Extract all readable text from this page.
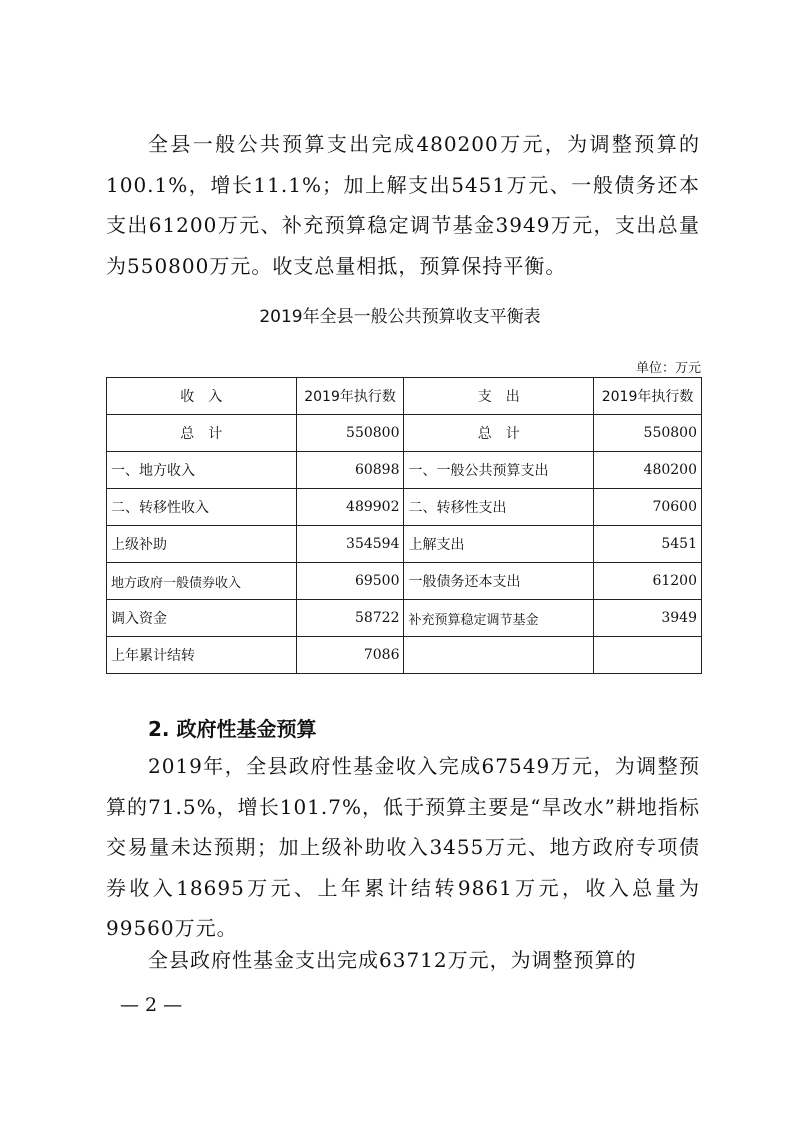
全县一般公共预算支出完成480200万元，为调整预算的100.1%，增长11.1%；加上解支出5451万元、一般债务还本支出61200万元、补充预算稳定调节基金3949万元，支出总量为550800万元。收支总量相抵，预算保持平衡。

2019年全县一般公共预算收支平衡表
单位：万元
收　入	2019年执行数	支　出	2019年执行数
总　计	550800	总　计	550800
一、地方收入	60898	一、一般公共预算支出	480200
二、转移性收入	489902	二、转移性支出	70600
上级补助	354594	上解支出	5451
地方政府一般债券收入	69500	一般债务还本支出	61200
调入资金	58722	补充预算稳定调节基金	3949
上年累计结转	7086		
2. 政府性基金预算

2019年，全县政府性基金收入完成67549万元，为调整预算的71.5%，增长101.7%，低于预算主要是“旱改水”耕地指标交易量未达预期；加上级补助收入3455万元、地方政府专项债券收入18695万元、上年累计结转9861万元，收入总量为99560万元。

全县政府性基金支出完成63712万元，为调整预算的

— 2 —
